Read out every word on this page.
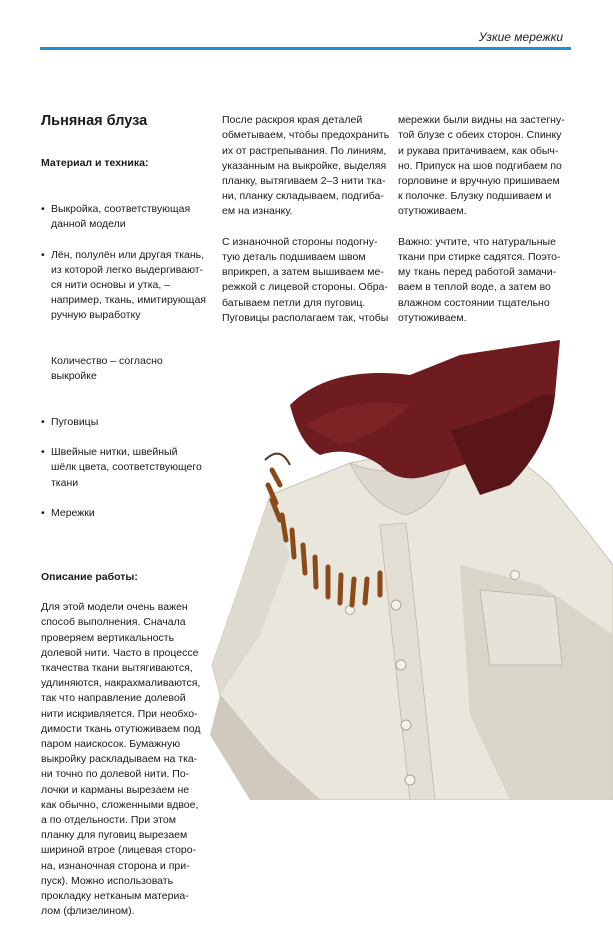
Узкие мережки

Льняная блуза

Материал и техника:

• Выкройка, соответствующая
данной модели

• Лён, полулён или другая ткань,
из которой легко выдергивают-
ся нити основы и утка, –
например, ткань, имитирующая
ручную выработку

Количество – согласно выкройке

• Пуговицы

• Швейные нитки, швейный
шёлк цвета, соответствующего
ткани

• Мережки

Описание работы:

Для этой модели очень важен
способ выполнения. Сначала
проверяем вертикальность
долевой нити. Часто в процессе
ткачества ткани вытягиваются,
удлиняются, накрахмаливаются,
так что направление долевой
нити искривляется. При необхо-
димости ткань отутюживаем под
паром наискосок. Бумажную
выкройку раскладываем на тка-
ни точно по долевой нити. По-
лочки и карманы вырезаем не
как обычно, сложенными вдвое,
а по отдельности. При этом
планку для пуговиц вырезаем
шириной втрое (лицевая сторо-
на, изнаночная сторона и при-
пуск). Можно использовать
прокладку нетканым материа-
лом (флизелином).

После раскроя края деталей
обметываем, чтобы предохранить
их от растрепывания. По линиям,
указанным на выкройке, выделяя
планку, вытягиваем 2–3 нити тка-
ни, планку складываем, подгиба-
ем на изнанку.

С изнаночной стороны подогну-
тую деталь подшиваем швом
вприкреп, а затем вышиваем ме-
режкой с лицевой стороны. Обра-
батываем петли для пуговиц.
Пуговицы располагаем так, чтобы

мережки были видны на застегну-
той блузе с обеих сторон. Спинку
и рукава притачиваем, как обыч-
но. Припуск на шов подгибаем по
горловине и вручную пришиваем
к полочке. Блузку подшиваем и
отутюживаем.

Важно: учтите, что натуральные
ткани при стирке садятся. Поэто-
му ткань перед работой замачи-
ваем в теплой воде, а затем во
влажном состоянии тщательно
отутюживаем.
